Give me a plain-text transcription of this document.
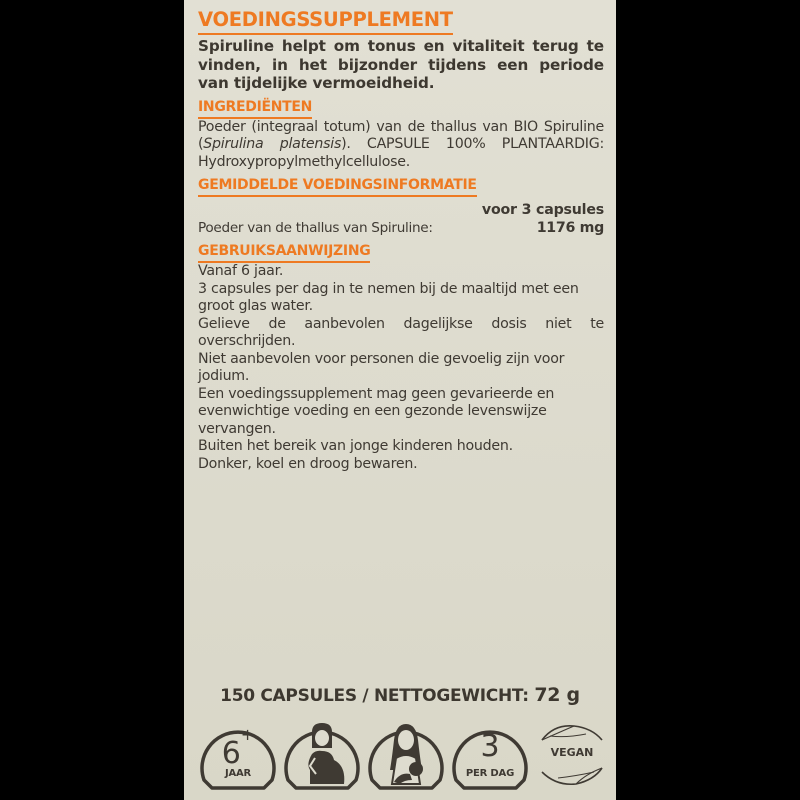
VOEDINGSSUPPLEMENT
Spiruline helpt om tonus en vitaliteit terug te vinden, in het bijzonder tijdens een periode van tijdelijke vermoeidheid.
INGREDIËNTEN
Poeder (integraal totum) van de thallus van BIO Spiruline (Spirulina platensis). CAPSULE 100% PLANTAARDIG: Hydroxypropylmethylcellulose.
GEMIDDELDE VOEDINGSINFORMATIE
voor 3 capsules
Poeder van de thallus van Spiruline:	1176 mg
GEBRUIKSAANWIJZING

Vanaf 6 jaar.

3 capsules per dag in te nemen bij de maaltijd met een groot glas water.

Gelieve de aanbevolen dagelijkse dosis niet te overschrijden.

Niet aanbevolen voor personen die gevoelig zijn voor jodium.

Een voedingssupplement mag geen gevarieerde en evenwichtige voeding en een gezonde levenswijze vervangen.

Buiten het bereik van jonge kinderen houden.

Donker, koel en droog bewaren.

150 CAPSULES / NETTOGEWICHT: 72 g
6+
JAAR
3
PER DAG
VEGAN
